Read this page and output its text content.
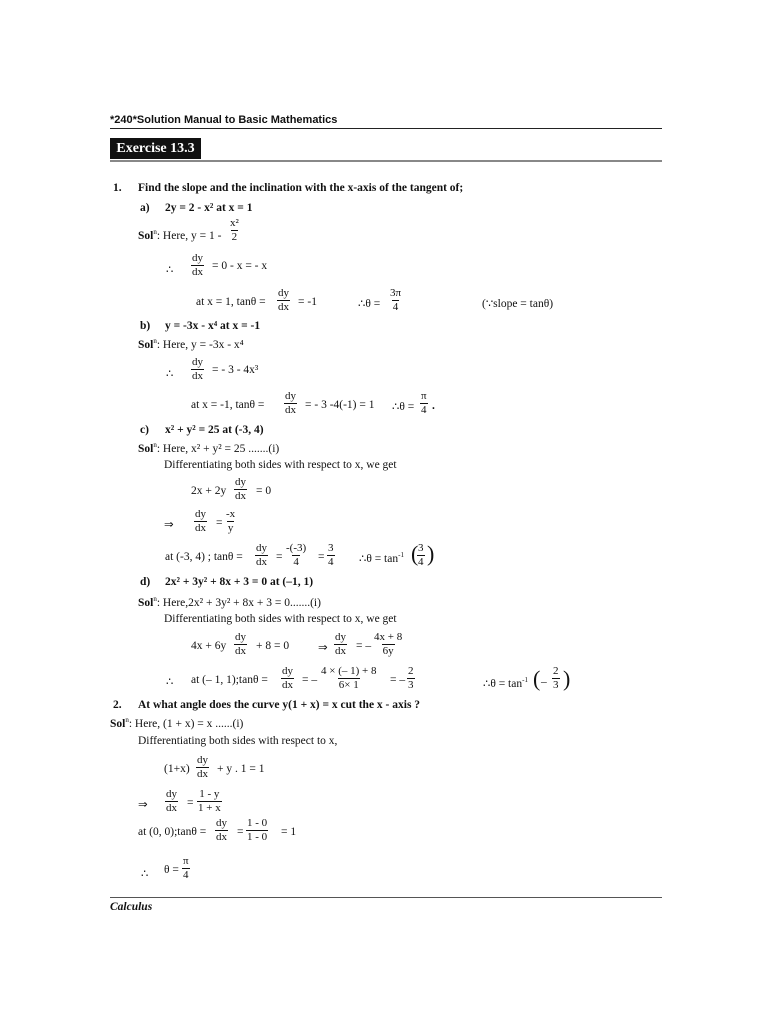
*240*Solution Manual to Basic Mathematics
Exercise 13.3
1. Find the slope and the inclination with the x-axis of the tangent of;
a) 2y = 2 - x² at x = 1
Sol$^n$: Here, $y = 1 - \frac{\text{x²}}{2}$
∴ $\frac{dy}{dx} = 0 - x$ = - x
at x = 1, $\tan\theta = \frac{dy}{dx} = -1$	∴θ = $\frac{3\pi}{4}$	(∵slope = tanθ)
b) y = -3x - x⁴ at x = -1
Sol$^n$: Here, y = -3x - x⁴
∴ $\frac{dy}{dx}$ = - 3 - 4x³
at x = -1, $\tan\theta = \frac{dy}{dx}$ = - 3 -4(-1) = 1 ∴θ = $\frac{\pi}{4}$ .
c) x² + y² = 25 at (-3, 4)
Sol$^n$: Here, x² + y² = 25 .......(i)
Differentiating both sides with respect to x, we get
$2x + 2y \frac{dy}{dx} = 0$
⇒ $\frac{dy}{dx} = \frac{-x}{y}$
at (-3, 4) ; $\tan\theta = \frac{dy}{dx} = \frac{-(-3)}{4} = \frac{3}{4}$ ∴θ = $\tan^{-1}$ (
$\frac{3}{4}$ )
d) 2x² + 3y² + 8x + 3 = 0 at (–1, 1)
Sol$^n$: Here,2x² + 3y² + 8x + 3 = 0.......(i)
Differentiating both sides with respect to x, we get
$4x + 6y \frac{dy}{dx} + 8 = 0$	⇒ $\frac{dy}{dx}$ = – $\frac{4x + 8}{6y}$
∴ at (– 1, 1);tanθ = $\frac{dy}{dx}$ = – $\frac{4 \times (- 1) + 8}{6\times 1}$ = – $\frac{2}{3}$	∴θ = $\tan^{-1}$ ( – $\frac{2}{3}$ )
2. At what angle does the curve y(1 + x) = x cut the x - axis ?
Sol$^n$: Here, (1 + x) = x ......(i)
Differentiating both sides with respect to x,
$(1+x) \frac{dy}{dx} + y$ . 1 = 1
⇒ $\frac{dy}{dx} = \frac{1 - y}{1 + x}$
at (0, 0);tanθ = $\frac{dy}{dx} = \frac{1 - 0}{1 - 0} = 1$
∴ $\theta = \frac{\pi}{4}$
Calculus
